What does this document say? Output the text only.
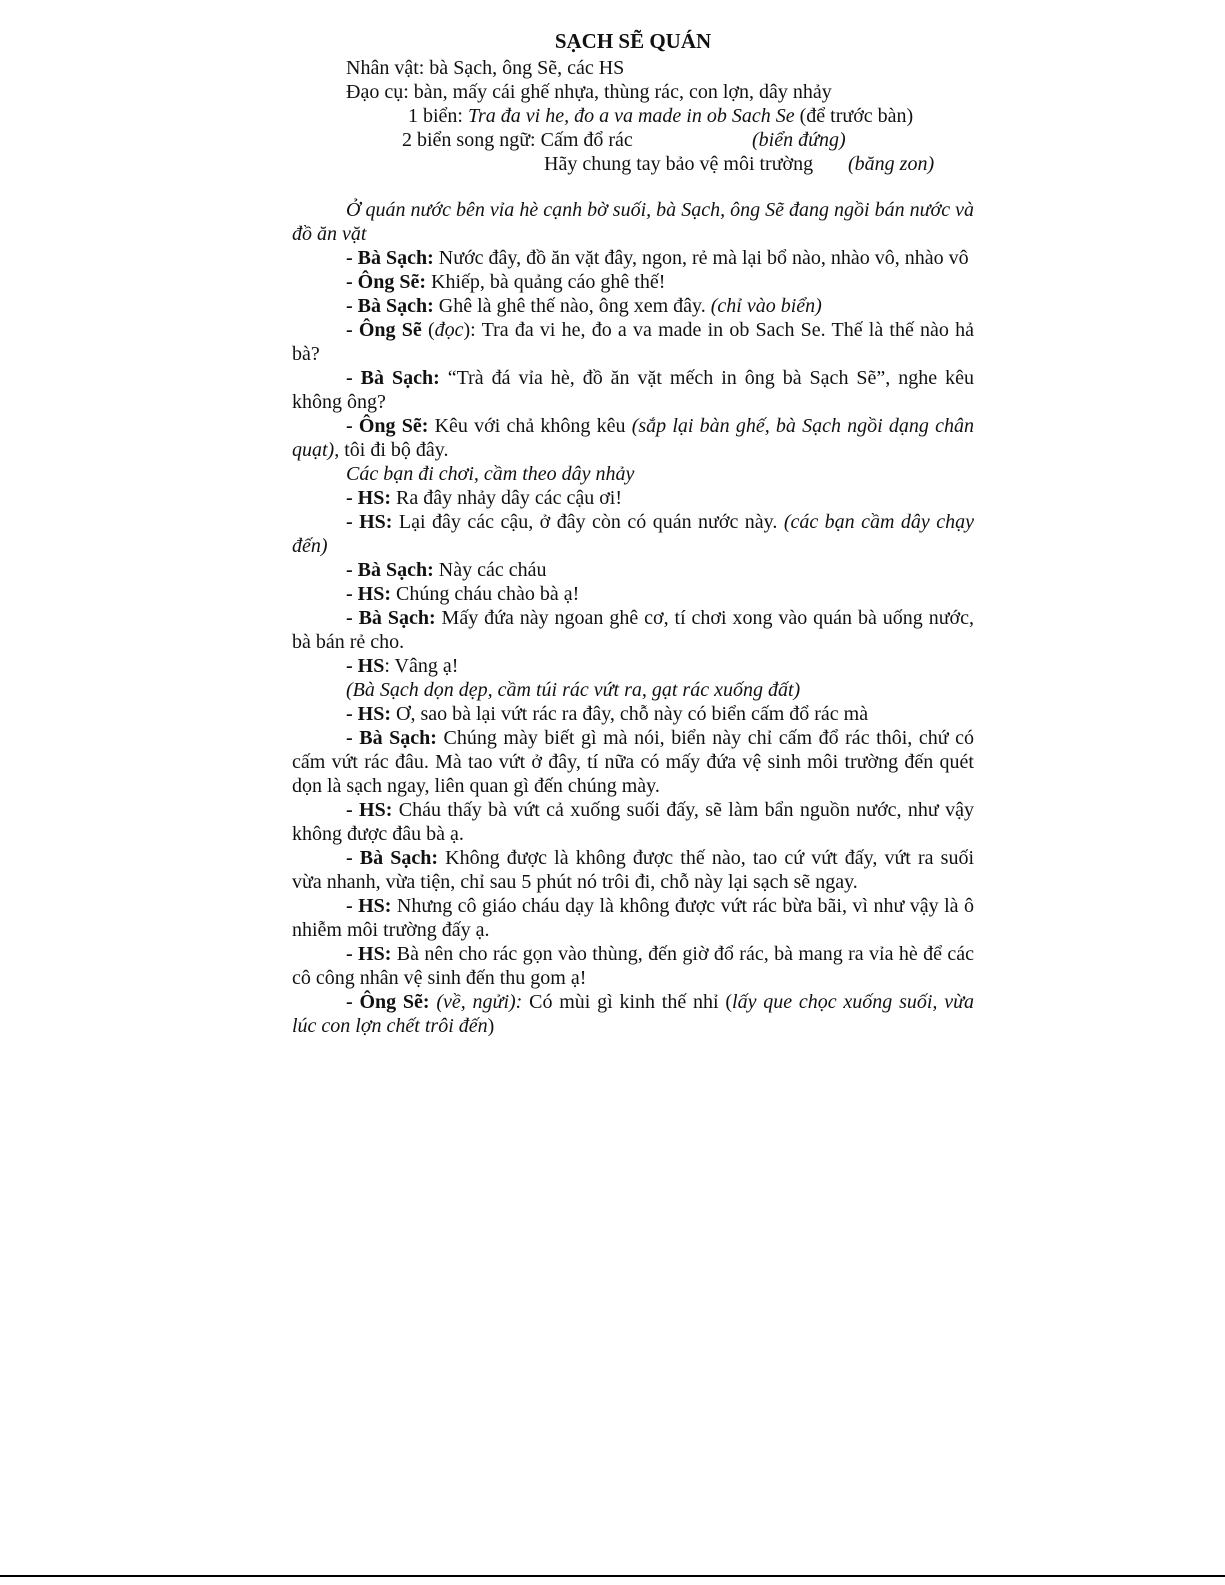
SẠCH SẼ QUÁN
Nhân vật: bà Sạch, ông Sẽ, các HS
Đạo cụ: bàn, mấy cái ghế nhựa, thùng rác, con lợn, dây nhảy
1 biển: Tra đa vi he, đo a va made in ob Sach Se (để trước bàn)
2 biển song ngữ: Cấm đổ rác	(biển đứng)
Hãy chung tay bảo vệ môi trường (băng zon)

Ở quán nước bên vỉa hè cạnh bờ suối, bà Sạch, ông Sẽ đang ngồi bán nước và đồ ăn vặt

- Bà Sạch: Nước đây, đồ ăn vặt đây, ngon, rẻ mà lại bổ nào, nhào vô, nhào vô

- Ông Sẽ: Khiếp, bà quảng cáo ghê thế!

- Bà Sạch: Ghê là ghê thế nào, ông xem đây. (chỉ vào biển)

- Ông Sẽ (đọc): Tra đa vi he, đo a va made in ob Sach Se. Thế là thế nào hả bà?

- Bà Sạch: “Trà đá vỉa hè, đồ ăn vặt mếch in ông bà Sạch Sẽ”, nghe kêu không ông?

- Ông Sẽ: Kêu với chả không kêu (sắp lại bàn ghế, bà Sạch ngồi dạng chân quạt), tôi đi bộ đây.

Các bạn đi chơi, cầm theo dây nhảy

- HS: Ra đây nhảy dây các cậu ơi!

- HS: Lại đây các cậu, ở đây còn có quán nước này. (các bạn cầm dây chạy đến)

- Bà Sạch: Này các cháu

- HS: Chúng cháu chào bà ạ!

- Bà Sạch: Mấy đứa này ngoan ghê cơ, tí chơi xong vào quán bà uống nước, bà bán rẻ cho.

- HS: Vâng ạ!

(Bà Sạch dọn dẹp, cầm túi rác vứt ra, gạt rác xuống đất)

- HS: Ơ, sao bà lại vứt rác ra đây, chỗ này có biển cấm đổ rác mà

- Bà Sạch: Chúng mày biết gì mà nói, biển này chỉ cấm đổ rác thôi, chứ có cấm vứt rác đâu. Mà tao vứt ở đây, tí nữa có mấy đứa vệ sinh môi trường đến quét dọn là sạch ngay, liên quan gì đến chúng mày.

- HS: Cháu thấy bà vứt cả xuống suối đấy, sẽ làm bẩn nguồn nước, như vậy không được đâu bà ạ.

- Bà Sạch: Không được là không được thế nào, tao cứ vứt đấy, vứt ra suối vừa nhanh, vừa tiện, chỉ sau 5 phút nó trôi đi, chỗ này lại sạch sẽ ngay.

- HS: Nhưng cô giáo cháu dạy là không được vứt rác bừa bãi, vì như vậy là ô nhiễm môi trường đấy ạ.

- HS: Bà nên cho rác gọn vào thùng, đến giờ đổ rác, bà mang ra vỉa hè để các cô công nhân vệ sinh đến thu gom ạ!

- Ông Sẽ: (về, ngửi): Có mùi gì kinh thế nhỉ (lấy que chọc xuống suối, vừa lúc con lợn chết trôi đến)
